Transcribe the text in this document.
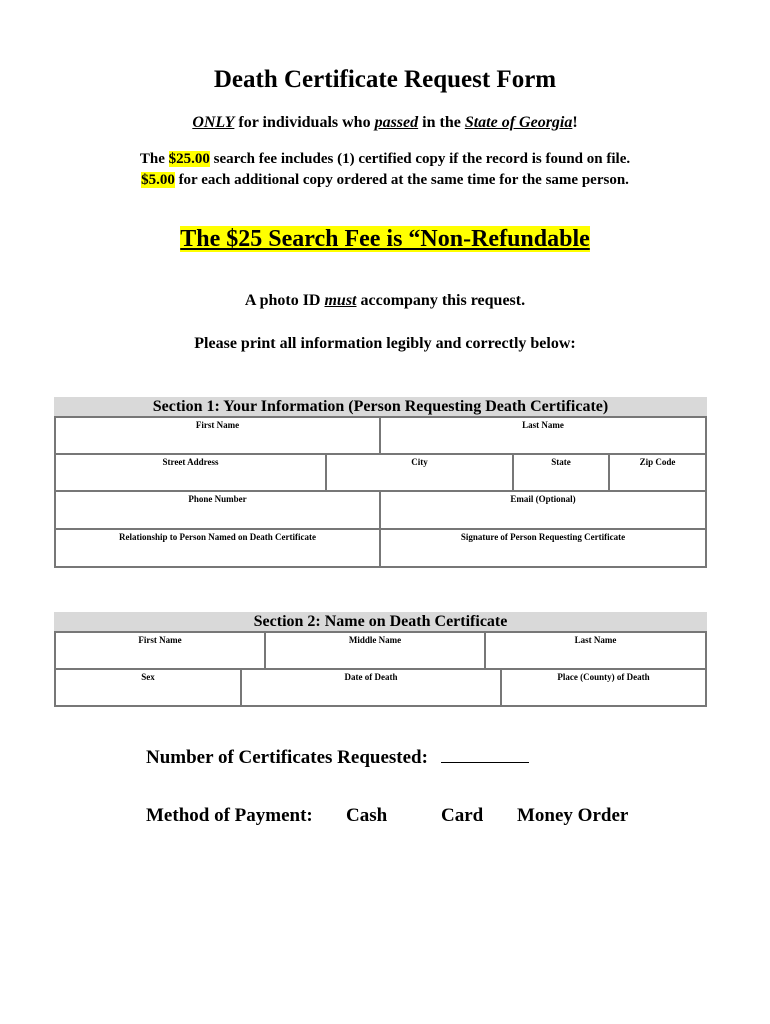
Death Certificate Request Form
ONLY for individuals who passed in the State of Georgia!
The $25.00 search fee includes (1) certified copy if the record is found on file.
$5.00 for each additional copy ordered at the same time for the same person.
The $25 Search Fee is “Non-Refundable
A photo ID must accompany this request.
Please print all information legibly and correctly below:
Section 1: Your Information (Person Requesting Death Certificate)
First Name	Last Name
Street Address	City	State	Zip Code
Phone Number	Email (Optional)
Relationship to Person Named on Death Certificate	Signature of Person Requesting Certificate
Section 2: Name on Death Certificate
First Name	Middle Name	Last Name
Sex	Date of Death	Place (County) of Death
Number of Certificates Requested:
Method of Payment: Cash	Card Money Order
